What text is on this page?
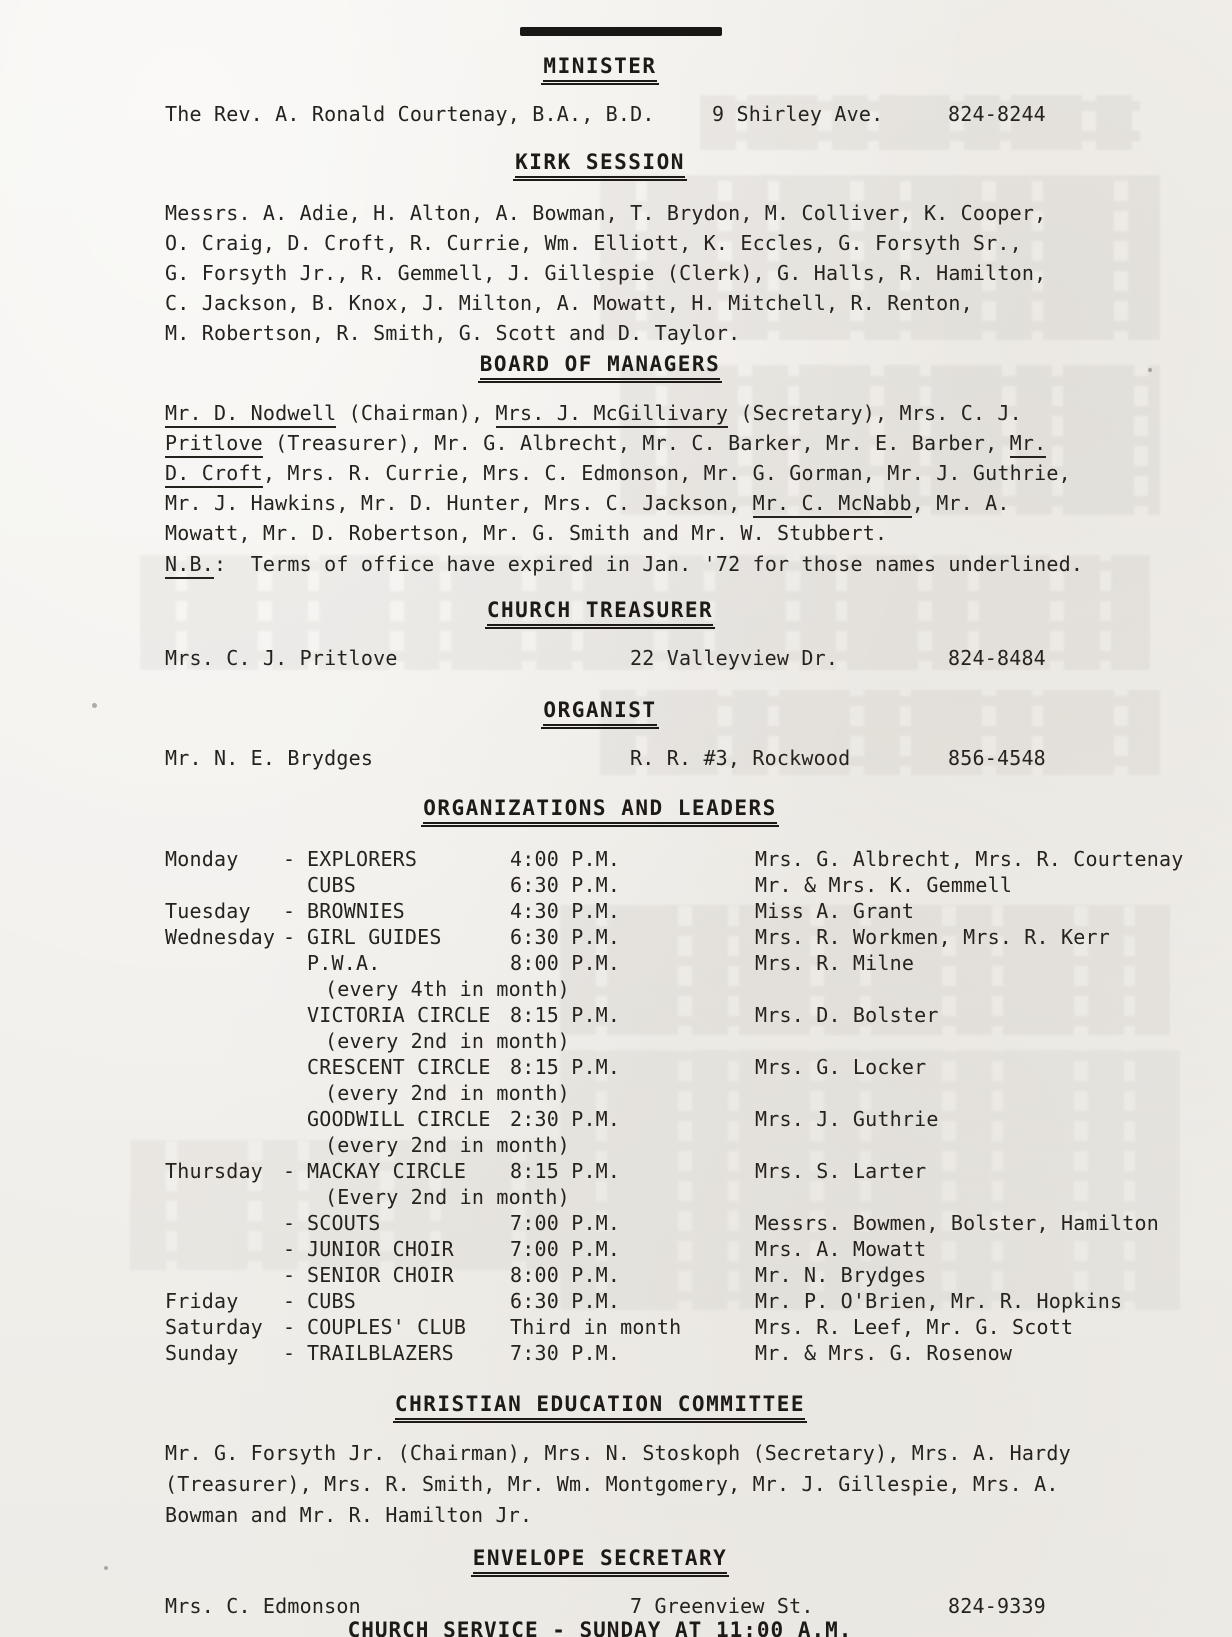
MINISTER
The Rev. A. Ronald Courtenay, B.A., B.D.	9 Shirley Ave.	824-8244
KIRK SESSION
Messrs. A. Adie, H. Alton, A. Bowman, T. Brydon, M. Colliver, K. Cooper,
O. Craig, D. Croft, R. Currie, Wm. Elliott, K. Eccles, G. Forsyth Sr.,
G. Forsyth Jr., R. Gemmell, J. Gillespie (Clerk), G. Halls, R. Hamilton,
C. Jackson, B. Knox, J. Milton, A. Mowatt, H. Mitchell, R. Renton,
M. Robertson, R. Smith, G. Scott and D. Taylor.
BOARD OF MANAGERS
Mr. D. Nodwell (Chairman), Mrs. J. McGillivary (Secretary), Mrs. C. J.
Pritlove (Treasurer), Mr. G. Albrecht, Mr. C. Barker, Mr. E. Barber, Mr.
D. Croft, Mrs. R. Currie, Mrs. C. Edmonson, Mr. G. Gorman, Mr. J. Guthrie,
Mr. J. Hawkins, Mr. D. Hunter, Mrs. C. Jackson, Mr. C. McNabb, Mr. A.
Mowatt, Mr. D. Robertson, Mr. G. Smith and Mr. W. Stubbert.
N.B.:  Terms of office have expired in Jan. '72 for those names underlined.
CHURCH TREASURER
Mrs. C. J. Pritlove	22 Valleyview Dr.	824-8484
ORGANIST
Mr. N. E. Brydges	R. R. #3, Rockwood	856-4548
ORGANIZATIONS AND LEADERS
Monday	- EXPLORERS	4:00 P.M.	Mrs. G. Albrecht, Mrs. R. Courtenay
CUBS	6:30 P.M.	Mr. & Mrs. K. Gemmell
Tuesday	- BROWNIES	4:30 P.M.	Miss A. Grant
Wednesday - GIRL GUIDES	6:30 P.M.	Mrs. R. Workmen, Mrs. R. Kerr
P.W.A.	8:00 P.M.	Mrs. R. Milne
(every 4th in month)
VICTORIA CIRCLE 8:15 P.M.	Mrs. D. Bolster
(every 2nd in month)
CRESCENT CIRCLE 8:15 P.M.	Mrs. G. Locker
(every 2nd in month)
GOODWILL CIRCLE 2:30 P.M.	Mrs. J. Guthrie
(every 2nd in month)
Thursday	- MACKAY CIRCLE	8:15 P.M.	Mrs. S. Larter
(Every 2nd in month)
- SCOUTS	7:00 P.M.	Messrs. Bowmen, Bolster, Hamilton
- JUNIOR CHOIR	7:00 P.M.	Mrs. A. Mowatt
- SENIOR CHOIR	8:00 P.M.	Mr. N. Brydges
Friday	- CUBS	6:30 P.M.	Mr. P. O'Brien, Mr. R. Hopkins
Saturday	- COUPLES' CLUB	Third in month	Mrs. R. Leef, Mr. G. Scott
Sunday	- TRAILBLAZERS	7:30 P.M.	Mr. & Mrs. G. Rosenow
CHRISTIAN EDUCATION COMMITTEE
Mr. G. Forsyth Jr. (Chairman), Mrs. N. Stoskoph (Secretary), Mrs. A. Hardy
(Treasurer), Mrs. R. Smith, Mr. Wm. Montgomery, Mr. J. Gillespie, Mrs. A.
Bowman and Mr. R. Hamilton Jr.
ENVELOPE SECRETARY
Mrs. C. Edmonson	7 Greenview St.	824-9339
CHURCH SERVICE - SUNDAY AT 11:00 A.M.
